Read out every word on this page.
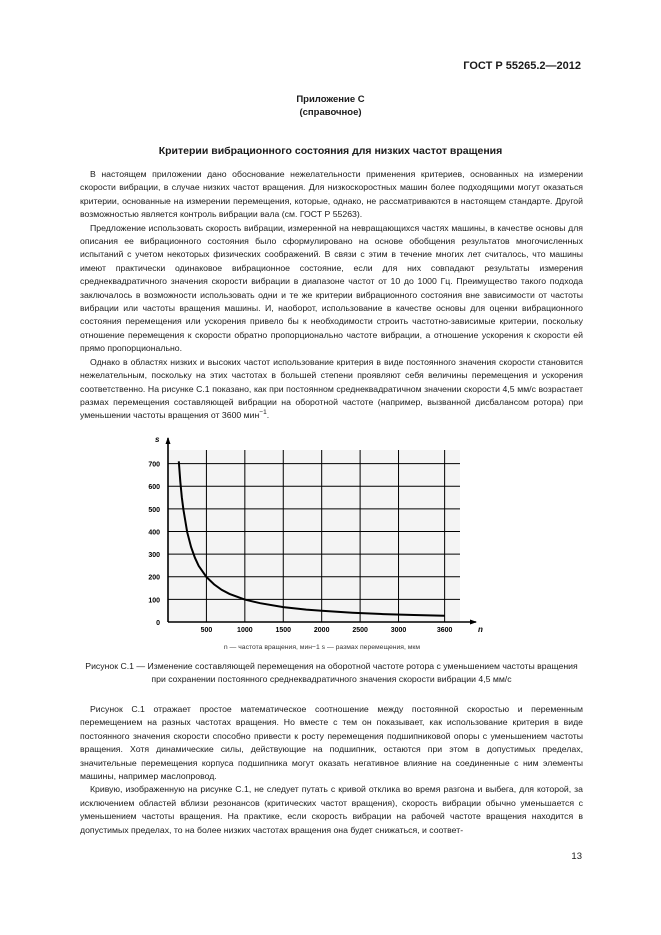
ГОСТ Р 55265.2—2012
Приложение С
(справочное)
Критерии вибрационного состояния для низких частот вращения

В настоящем приложении дано обоснование нежелательности применения критериев, основанных на измерении скорости вибрации, в случае низких частот вращения. Для низкоскоростных машин более подходящими могут оказаться критерии, основанные на измерении перемещения, которые, однако, не рассматриваются в настоящем стандарте. Другой возможностью является контроль вибрации вала (см. ГОСТ Р 55263).

Предложение использовать скорость вибрации, измеренной на невращающихся частях машины, в качестве основы для описания ее вибрационного состояния было сформулировано на основе обобщения результатов многочисленных испытаний с учетом некоторых физических соображений. В связи с этим в течение многих лет считалось, что машины имеют практически одинаковое вибрационное состояние, если для них совпадают результаты измерения среднеквадратичного значения скорости вибрации в диапазоне частот от 10 до 1000 Гц. Преимущество такого подхода заключалось в возможности использовать одни и те же критерии вибрационного состояния вне зависимости от частоты вибрации или частоты вращения машины. И, наоборот, использование в качестве основы для оценки вибрационного состояния перемещения или ускорения привело бы к необходимости строить частотно-зависимые критерии, поскольку отношение перемещения к скорости обратно пропорционально частоте вибрации, а отношение ускорения к скорости ей прямо пропорционально.

Однако в областях низких и высоких частот использование критерия в виде постоянного значения скорости становится нежелательным, поскольку на этих частотах в большей степени проявляют себя величины перемещения и ускорения соответственно. На рисунке С.1 показано, как при постоянном среднеквадратичном значении скорости 4,5 мм/с возрастает размах перемещения составляющей вибрации на оборотной частоте (например, вызванной дисбалансом ротора) при уменьшении частоты вращения от 3600 мин$^{-1}$.

0
100
200
300
400
500
600
700
500	1000	1500	2000	2500	3000	3600
s
n
n — частота вращения, мин−1 s — размах перемещения, мкм
Рисунок С.1 — Изменение составляющей перемещения на оборотной частоте ротора с уменьшением частоты вращения при сохранении постоянного среднеквадратичного значения скорости вибрации 4,5 мм/с

Рисунок С.1 отражает простое математическое соотношение между постоянной скоростью и переменным перемещением на разных частотах вращения. Но вместе с тем он показывает, как использование критерия в виде постоянного значения скорости способно привести к росту перемещения подшипниковой опоры с уменьшением частоты вращения. Хотя динамические силы, действующие на подшипник, остаются при этом в допустимых пределах, значительные перемещения корпуса подшипника могут оказать негативное влияние на соединенные с ним элементы машины, например маслопровод.

Кривую, изображенную на рисунке С.1, не следует путать с кривой отклика во время разгона и выбега, для которой, за исключением областей вблизи резонансов (критических частот вращения), скорость вибрации обычно уменьшается с уменьшением частоты вращения. На практике, если скорость вибрации на рабочей частоте вращения находится в допустимых пределах, то на более низких частотах вращения она будет снижаться, и соответ-

13
